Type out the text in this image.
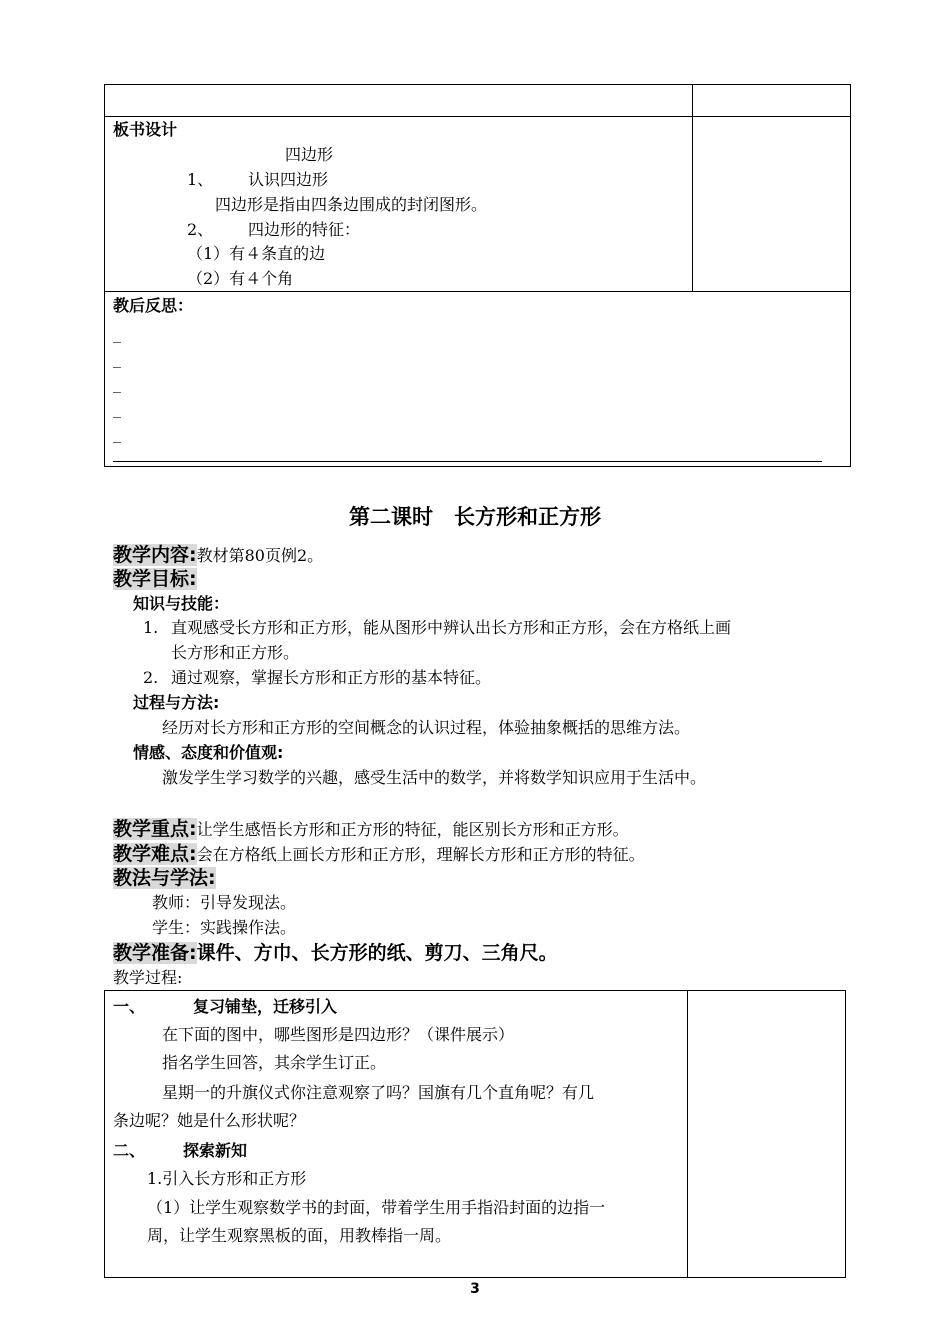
板书设计
四边形
1、 认识四边形
四边形是指由四条边围成的封闭图形。
2、 四边形的特征：
（1）有４条直的边
（2）有４个角
教后反思：
_
_
_
_
_
第二课时　长方形和正方形
教学内容:教材第80页例2。
教学目标:
知识与技能：
1. 直观感受长方形和正方形，能从图形中辨认出长方形和正方形，会在方格纸上画
长方形和正方形。
2. 通过观察，掌握长方形和正方形的基本特征。
过程与方法:
经历对长方形和正方形的空间概念的认识过程，体验抽象概括的思维方法。
情感、态度和价值观:
激发学生学习数学的兴趣，感受生活中的数学，并将数学知识应用于生活中。
教学重点:让学生感悟长方形和正方形的特征，能区别长方形和正方形。
教学难点:会在方格纸上画长方形和正方形，理解长方形和正方形的特征。
教法与学法:
教师：引导发现法。
学生：实践操作法。
教学准备:课件、方巾、长方形的纸、剪刀、三角尺。
教学过程:
一、	复习铺垫，迁移引入
在下面的图中，哪些图形是四边形？（课件展示）
指名学生回答，其余学生订正。
星期一的升旗仪式你注意观察了吗？国旗有几个直角呢？有几
条边呢？她是什么形状呢？
二、 探索新知
1.引入长方形和正方形
（1）让学生观察数学书的封面，带着学生用手指沿封面的边指一
周，让学生观察黑板的面，用教棒指一周。
3
